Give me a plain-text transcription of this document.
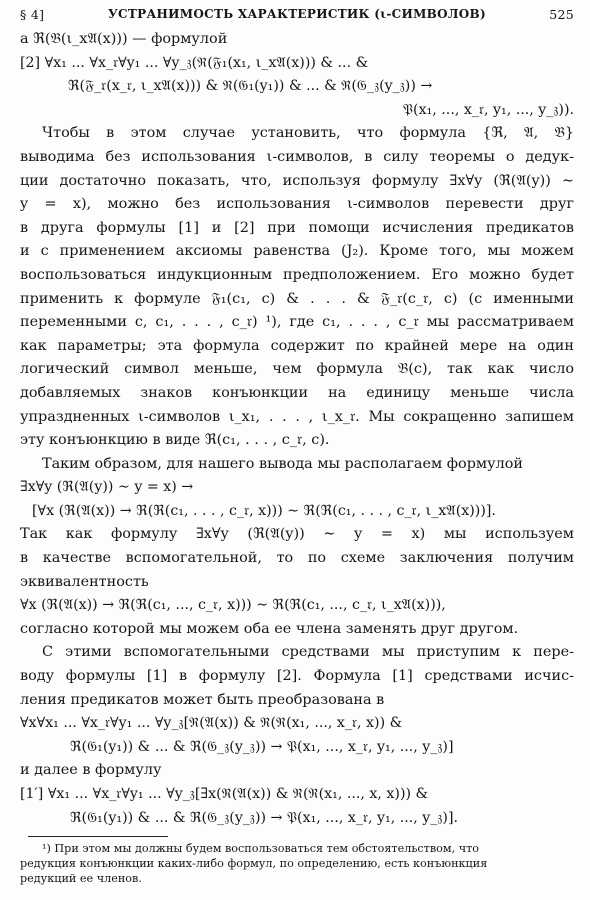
§ 4]	УСТРАНИМОСТЬ ХАРАКТЕРИСТИК (ι-СИМВОЛОВ)	525
а ℜ(𝔅(ι_x𝔄(x))) — формулой
[2] ∀x₁ ... ∀x_𝔯∀y₁ ... ∀y_𝔷(ℜ(𝔉₁(x₁, ι_x𝔄(x))) & ... &
ℜ(𝔉_𝔯(x_𝔯, ι_x𝔄(x))) & ℜ(𝔊₁(y₁)) & ... & ℜ(𝔊_𝔷(y_𝔷)) →
𝔓(x₁, ..., x_𝔯, y₁, ..., y_𝔷)).
Чтобы в этом случае установить, что формула {ℜ, 𝔄, 𝔅}
выводима без использования ι-символов, в силу теоремы о дедук-
ции достаточно показать, что, используя формулу ∃x∀y (ℜ(𝔄(y)) ∼
y = x), можно без использования ι-символов перевести друг
в друга формулы [1] и [2] при помощи исчисления предикатов
и с применением аксиомы равенства (J₂). Кроме того, мы можем
воспользоваться индукционным предположением. Его можно будет
применить к формуле 𝔉₁(c₁, c) & . . . & 𝔉_𝔯(c_𝔯, c) (с именными
переменными c, c₁, . . . , c_𝔯) ¹), где c₁, . . . , c_𝔯 мы рассматриваем
как параметры; эта формула содержит по крайней мере на один
логический символ меньше, чем формула 𝔅(c), так как число
добавляемых знаков конъюнкции на единицу меньше числа
упраздненных ι-символов ι_x₁, . . . , ι_x_𝔯. Мы сокращенно запишем
эту конъюнкцию в виде ℜ(c₁, . . . , c_𝔯, c).
Таким образом, для нашего вывода мы располагаем формулой
∃x∀y (ℜ(𝔄(y)) ∼ y = x) →
[∀x (ℜ(𝔄(x)) → ℜ(ℜ(c₁, . . . , c_𝔯, x))) ∼ ℜ(ℜ(c₁, . . . , c_𝔯, ι_x𝔄(x)))].
Так как формулу ∃x∀y (ℜ(𝔄(y)) ∼ y = x) мы используем
в качестве вспомогательной, то по схеме заключения получим
эквивалентность
∀x (ℜ(𝔄(x)) → ℜ(ℜ(c₁, ..., c_𝔯, x))) ∼ ℜ(ℜ(c₁, ..., c_𝔯, ι_x𝔄(x))),
согласно которой мы можем оба ее члена заменять друг другом.
С этими вспомогательными средствами мы приступим к пере-
воду формулы [1] в формулу [2]. Формула [1] средствами исчис-
ления предикатов может быть преобразована в
∀x∀x₁ ... ∀x_𝔯∀y₁ ... ∀y_𝔷[ℜ(𝔄(x)) & ℜ(ℜ(x₁, ..., x_𝔯, x)) &
ℜ(𝔊₁(y₁)) & ... & ℜ(𝔊_𝔷(y_𝔷)) → 𝔓(x₁, ..., x_𝔯, y₁, ..., y_𝔷)]
и далее в формулу
[1′] ∀x₁ ... ∀x_𝔯∀y₁ ... ∀y_𝔷[∃x(ℜ(𝔄(x)) & ℜ(ℜ(x₁, ..., x, x))) &
ℜ(𝔊₁(y₁)) & ... & ℜ(𝔊_𝔷(y_𝔷)) → 𝔓(x₁, ..., x_𝔯, y₁, ..., y_𝔷)].
¹) При этом мы должны будем воспользоваться тем обстоятельством, что
редукция конъюнкции каких-либо формул, по определению, есть конъюнкция
редукций ее членов.
